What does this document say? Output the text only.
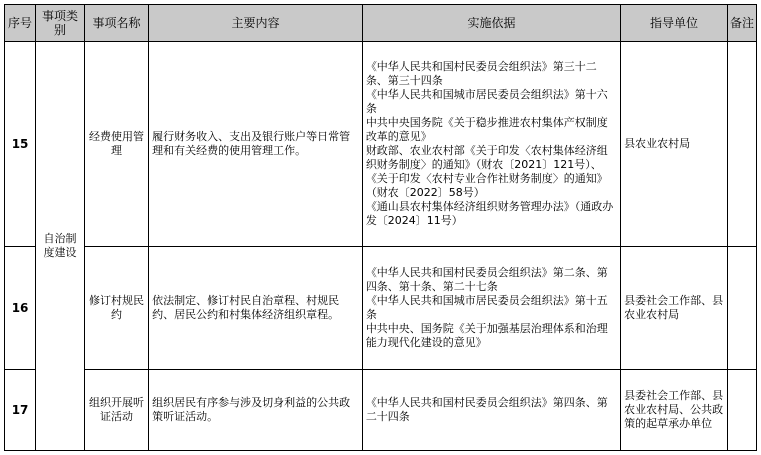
序号	事项类别	事项名称	主要内容	实施依据	指导单位	备注
15	自治制度建设	经费使用管理	履行财务收入、支出及银行账户等日常管理和有关经费的使用管理工作。	《中华人民共和国村民委员会组织法》第三十二条、第三十四条
《中华人民共和国城市居民委员会组织法》第十六条
中共中央国务院《关于稳步推进农村集体产权制度改革的意见》
财政部、农业农村部《关于印发〈农村集体经济组织财务制度〉的通知》（财农〔2021〕121号）、《关于印发〈农村专业合作社财务制度〉的通知》（财农〔2022〕58号）
《通山县农村集体经济组织财务管理办法》（通政办发〔2024〕11号）	县农业农村局	
16		修订村规民约	依法制定、修订村民自治章程、村规民约、居民公约和村集体经济组织章程。	《中华人民共和国村民委员会组织法》第二条、第四条、第十条、第二十七条
《中华人民共和国城市居民委员会组织法》第十五条
中共中央、国务院《关于加强基层治理体系和治理能力现代化建设的意见》	县委社会工作部、县农业农村局	
17		组织开展听证活动	组织居民有序参与涉及切身利益的公共政策听证活动。	《中华人民共和国村民委员会组织法》第四条、第二十四条	县委社会工作部、县农业农村局、公共政策的起草承办单位	
